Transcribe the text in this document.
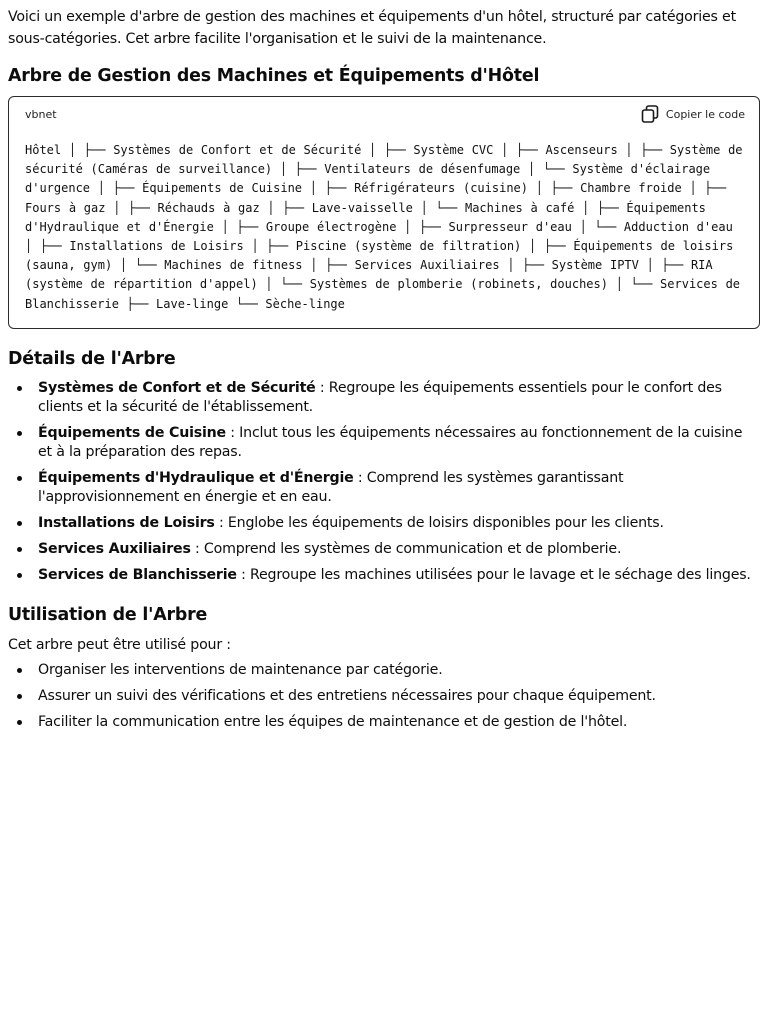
Voici un exemple d'arbre de gestion des machines et équipements d'un hôtel, structuré par catégories et sous-catégories. Cet arbre facilite l'organisation et le suivi de la maintenance.

Arbre de Gestion des Machines et Équipements d'Hôtel
vbnet	Copier le code
Hôtel │ ├── Systèmes de Confort et de Sécurité │ ├── Système CVC │ ├── Ascenseurs │ ├── Système de sécurité (Caméras de surveillance) │ ├── Ventilateurs de désenfumage │ └── Système d'éclairage d'urgence │ ├── Équipements de Cuisine │ ├── Réfrigérateurs (cuisine) │ ├── Chambre froide │ ├── Fours à gaz │ ├── Réchauds à gaz │ ├── Lave-vaisselle │ └── Machines à café │ ├── Équipements d'Hydraulique et d'Énergie │ ├── Groupe électrogène │ ├── Surpresseur d'eau │ └── Adduction d'eau │ ├── Installations de Loisirs │ ├── Piscine (système de filtration) │ ├── Équipements de loisirs (sauna, gym) │ └── Machines de fitness │ ├── Services Auxiliaires │ ├── Système IPTV │ ├── RIA (système de répartition d'appel) │ └── Systèmes de plomberie (robinets, douches) │ └── Services de Blanchisserie ├── Lave-linge └── Sèche-linge
Détails de l'Arbre
Systèmes de Confort et de Sécurité : Regroupe les équipements essentiels pour le confort des clients et la sécurité de l'établissement.
Équipements de Cuisine : Inclut tous les équipements nécessaires au fonctionnement de la cuisine et à la préparation des repas.
Équipements d'Hydraulique et d'Énergie : Comprend les systèmes garantissant l'approvisionnement en énergie et en eau.
Installations de Loisirs : Englobe les équipements de loisirs disponibles pour les clients.
Services Auxiliaires : Comprend les systèmes de communication et de plomberie.
Services de Blanchisserie : Regroupe les machines utilisées pour le lavage et le séchage des linges.
Utilisation de l'Arbre

Cet arbre peut être utilisé pour :

Organiser les interventions de maintenance par catégorie.
Assurer un suivi des vérifications et des entretiens nécessaires pour chaque équipement.
Faciliter la communication entre les équipes de maintenance et de gestion de l'hôtel.
